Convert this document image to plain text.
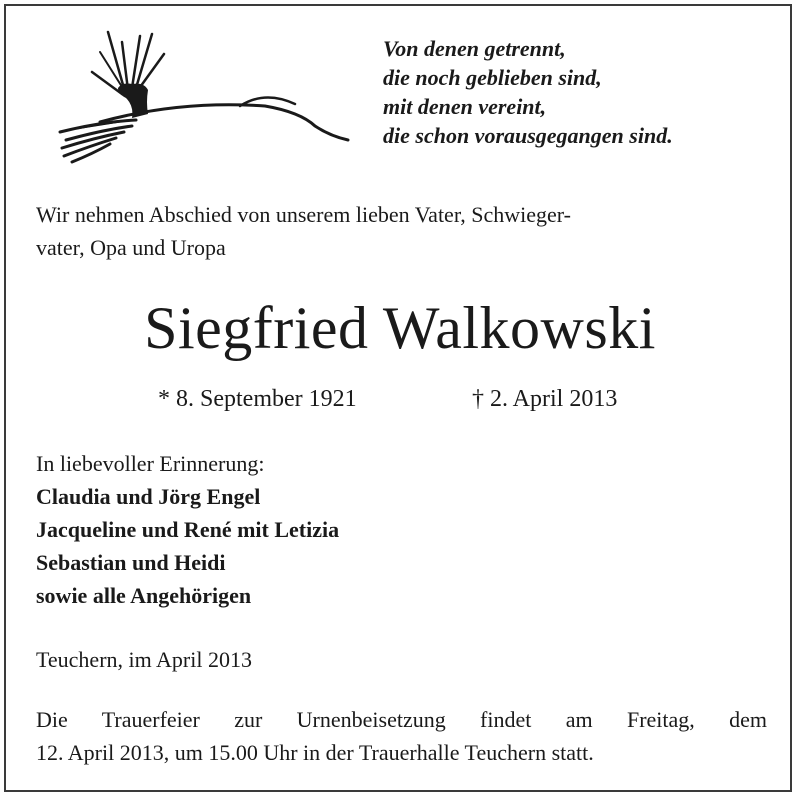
Von denen getrennt,
die noch geblieben sind,
mit denen vereint,
die schon vorausgegangen sind.
Wir nehmen Abschied von unserem lieben Vater, Schwieger-
vater, Opa und Uropa
Siegfried Walkowski
* 8. September 1921	† 2. April 2013
In liebevoller Erinnerung:
Claudia und Jörg Engel
Jacqueline und René mit Letizia
Sebastian und Heidi
sowie alle Angehörigen
Teuchern, im April 2013
Die Trauerfeier zur Urnenbeisetzung findet am Freitag, dem
12. April 2013, um 15.00 Uhr in der Trauerhalle Teuchern statt.
